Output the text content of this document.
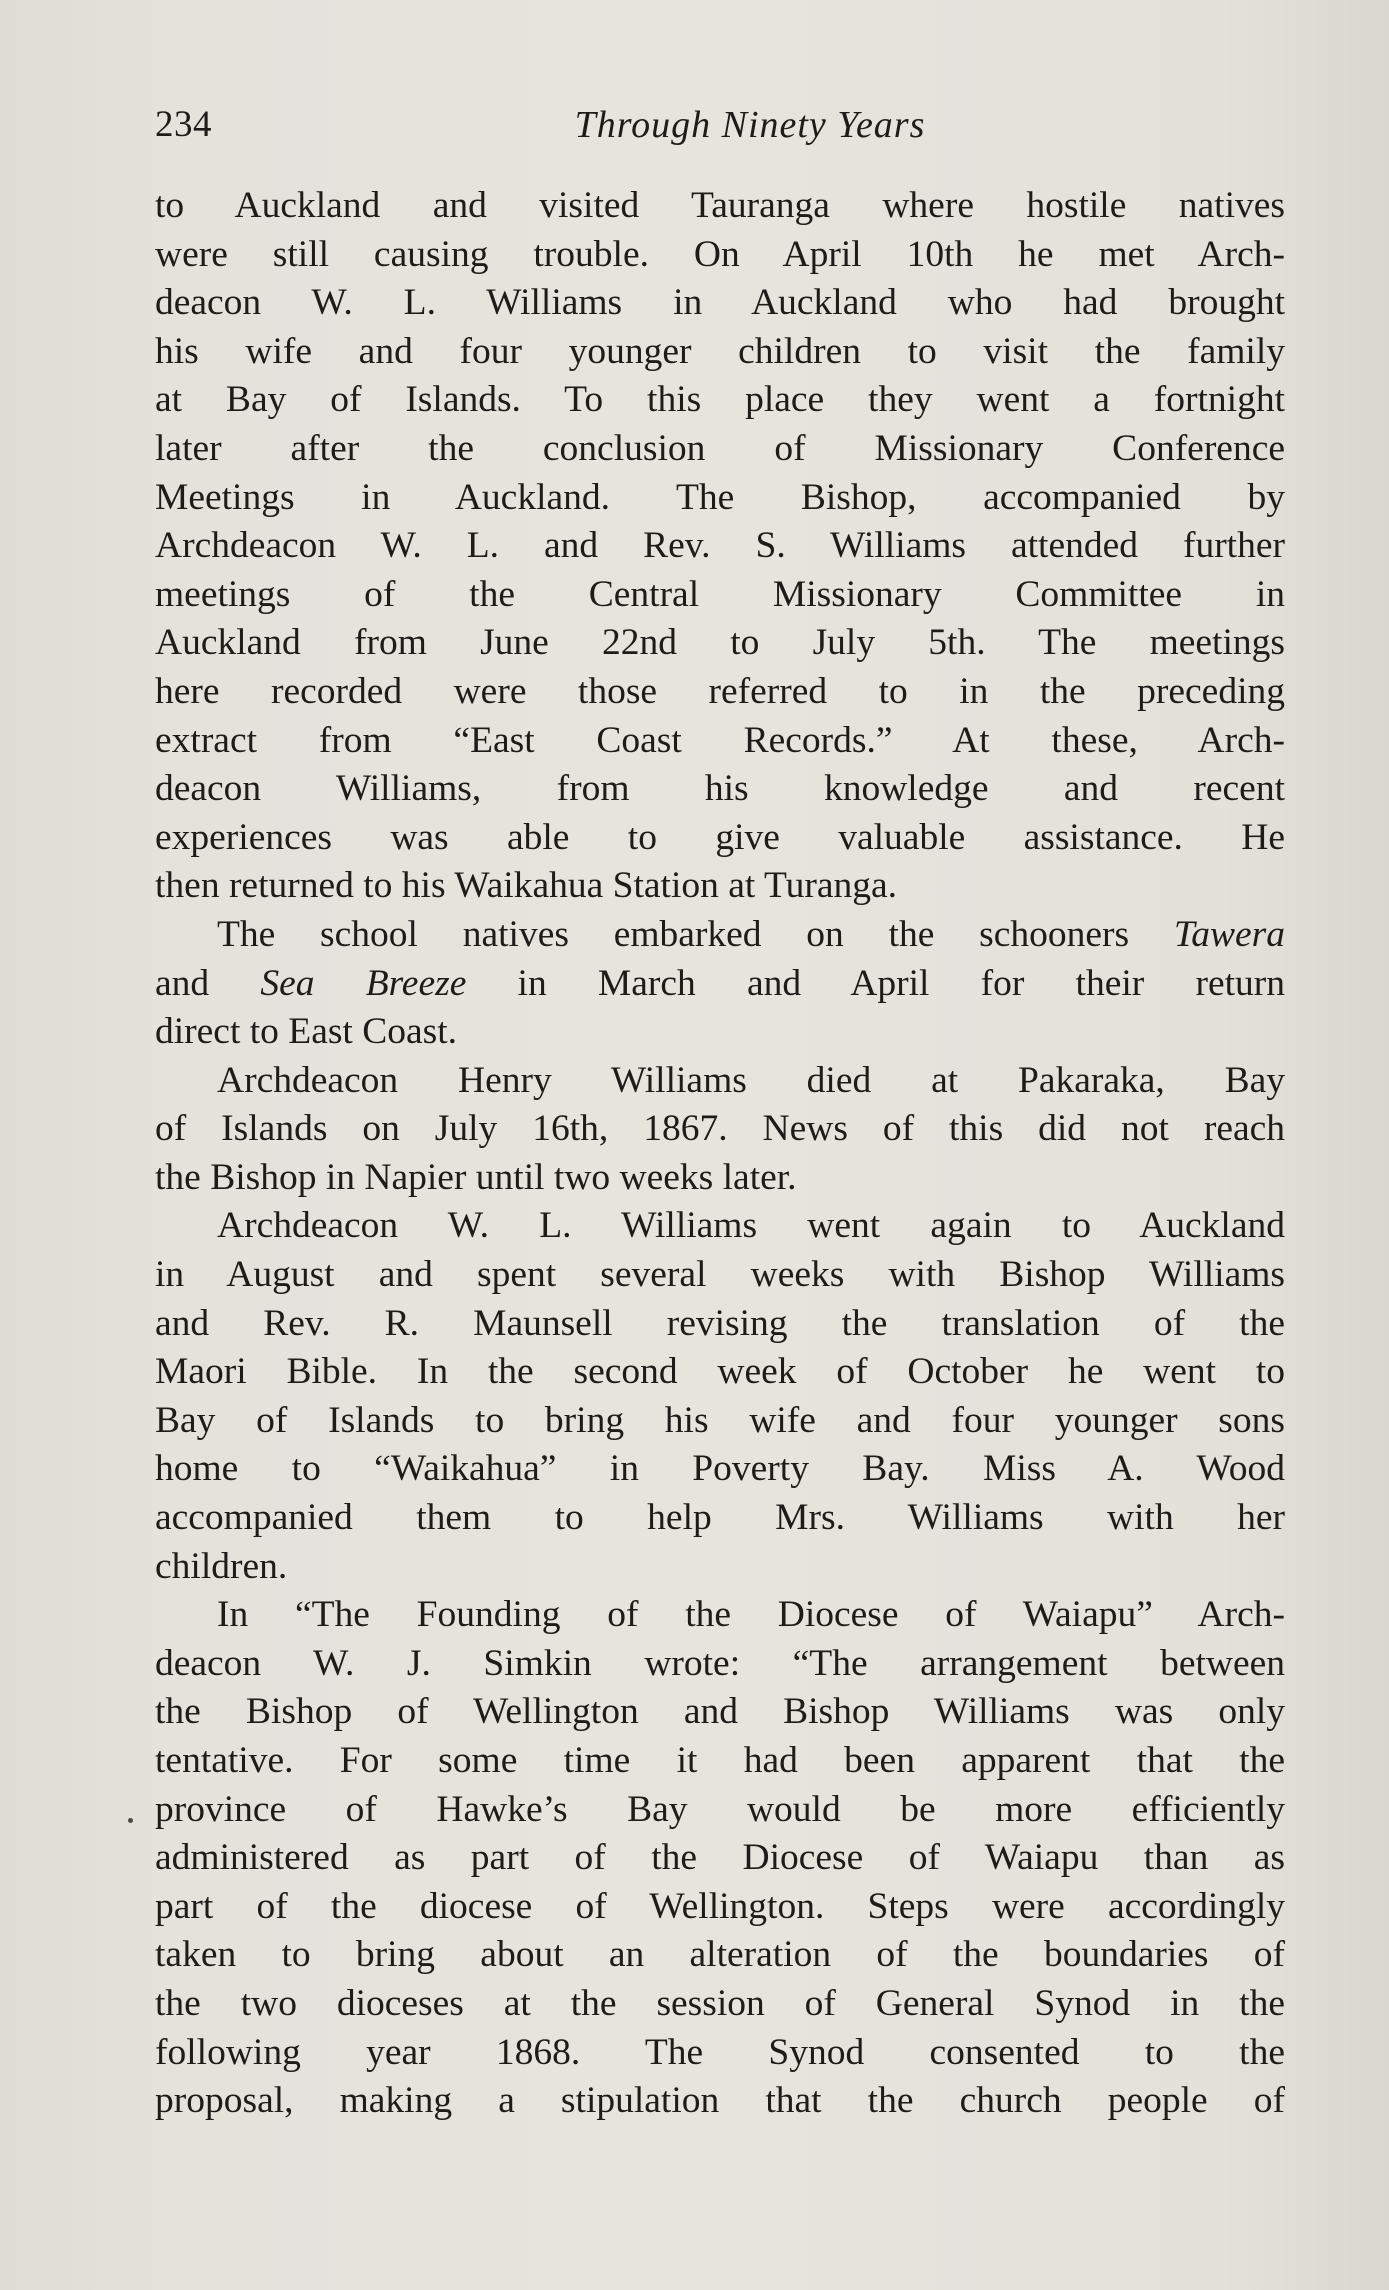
234	Through Ninety Years
to Auckland and visited Tauranga where hostile natives
were still causing trouble. On April 10th he met Arch-
deacon W. L. Williams in Auckland who had brought
his wife and four younger children to visit the family
at Bay of Islands. To this place they went a fortnight
later after the conclusion of Missionary Conference
Meetings in Auckland. The Bishop, accompanied by
Archdeacon W. L. and Rev. S. Williams attended further
meetings of the Central Missionary Committee in
Auckland from June 22nd to July 5th. The meetings
here recorded were those referred to in the preceding
extract from “East Coast Records.” At these, Arch-
deacon Williams, from his knowledge and recent
experiences was able to give valuable assistance. He
then returned to his Waikahua Station at Turanga.
The school natives embarked on the schooners Tawera
and Sea Breeze in March and April for their return
direct to East Coast.
Archdeacon Henry Williams died at Pakaraka, Bay
of Islands on July 16th, 1867. News of this did not reach
the Bishop in Napier until two weeks later.
Archdeacon W. L. Williams went again to Auckland
in August and spent several weeks with Bishop Williams
and Rev. R. Maunsell revising the translation of the
Maori Bible. In the second week of October he went to
Bay of Islands to bring his wife and four younger sons
home to “Waikahua” in Poverty Bay. Miss A. Wood
accompanied them to help Mrs. Williams with her
children.
In “The Founding of the Diocese of Waiapu” Arch-
deacon W. J. Simkin wrote: “The arrangement between
the Bishop of Wellington and Bishop Williams was only
tentative. For some time it had been apparent that the
province of Hawke’s Bay would be more efficiently
administered as part of the Diocese of Waiapu than as
part of the diocese of Wellington. Steps were accordingly
taken to bring about an alteration of the boundaries of
the two dioceses at the session of General Synod in the
following year 1868. The Synod consented to the
proposal, making a stipulation that the church people of
